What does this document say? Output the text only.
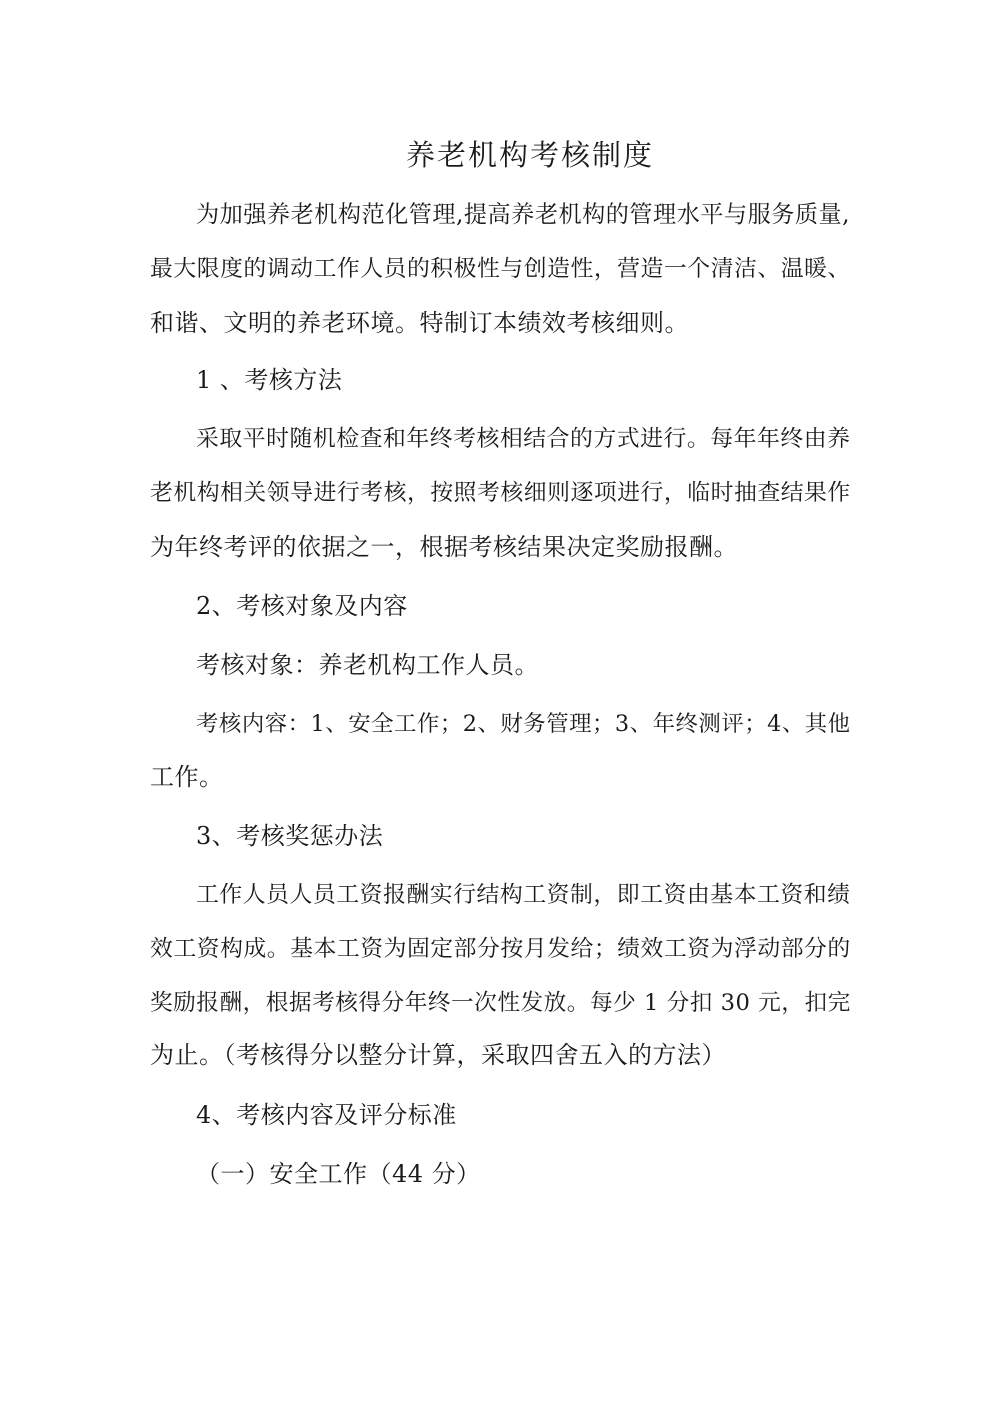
养老机构考核制度
为加强养老机构范化管理,提高养老机构的管理水平与服务质量,
最大限度的调动工作人员的积极性与创造性，营造一个清洁、温暖、
和谐、文明的养老环境。特制订本绩效考核细则。
1 、考核方法
采取平时随机检查和年终考核相结合的方式进行。每年年终由养
老机构相关领导进行考核，按照考核细则逐项进行，临时抽查结果作
为年终考评的依据之一，根据考核结果决定奖励报酬。
2、考核对象及内容
考核对象：养老机构工作人员。
考核内容：1、安全工作；2、财务管理；3、年终测评；4、其他
工作。
3、考核奖惩办法
工作人员人员工资报酬实行结构工资制，即工资由基本工资和绩
效工资构成。基本工资为固定部分按月发给；绩效工资为浮动部分的
奖励报酬，根据考核得分年终一次性发放。每少 1 分扣 30 元，扣完
为止。（考核得分以整分计算，采取四舍五入的方法）
4、考核内容及评分标准
（一）安全工作（44 分）
